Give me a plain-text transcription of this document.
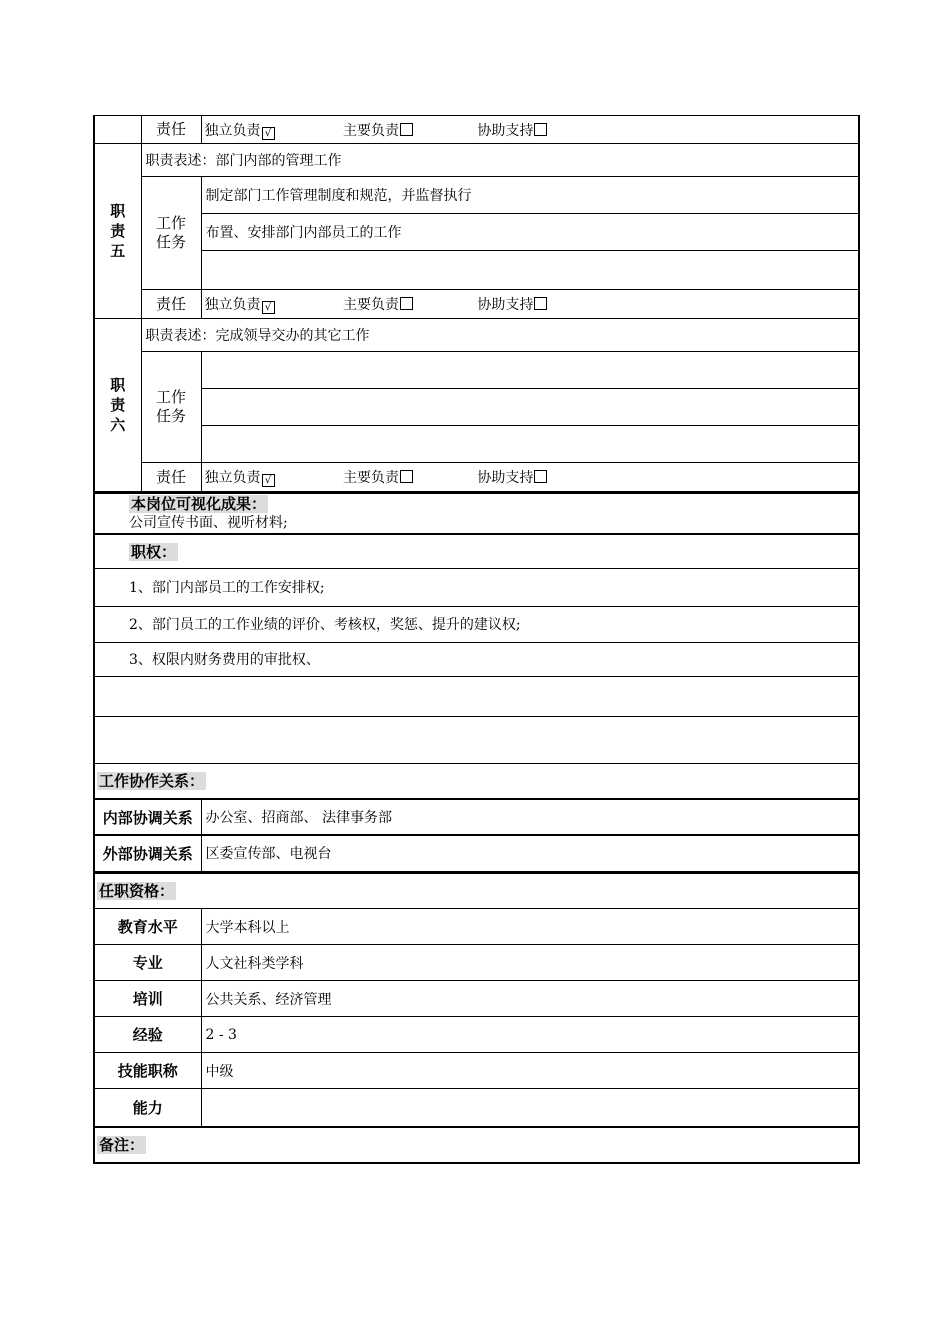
	责任	独立负责 √ 主要负责 协助支持

职
责
五	职责表述：部门内部的管理工作	

	工作
任务	制定部门工作管理制度和规范，并监督执行
		布置、安排部门内部员工的工作

	责任	独立负责 √ 主要负责 协助支持

职
责
六	职责表述：完成领导交办的其它工作	

	工作
任务	

	责任	独立负责 √ 主要负责 协助支持
本岗位可视化成果：
公司宣传书面、视听材料;	

职权：	
1、部门内部员工的工作安排权;	
2、部门员工的工作业绩的评价、考核权，奖惩、提升的建议权;	
3、权限内财务费用的审批权、	

工作协作关系：	
内部协调关系	办公室、招商部、 法律事务部
外部协调关系	区委宣传部、电视台
任职资格：	
教育水平	大学本科以上
专业	人文社科类学科
培训	公共关系、经济管理
经验	2 - 3
技能职称	中级
能力	
备注：	
